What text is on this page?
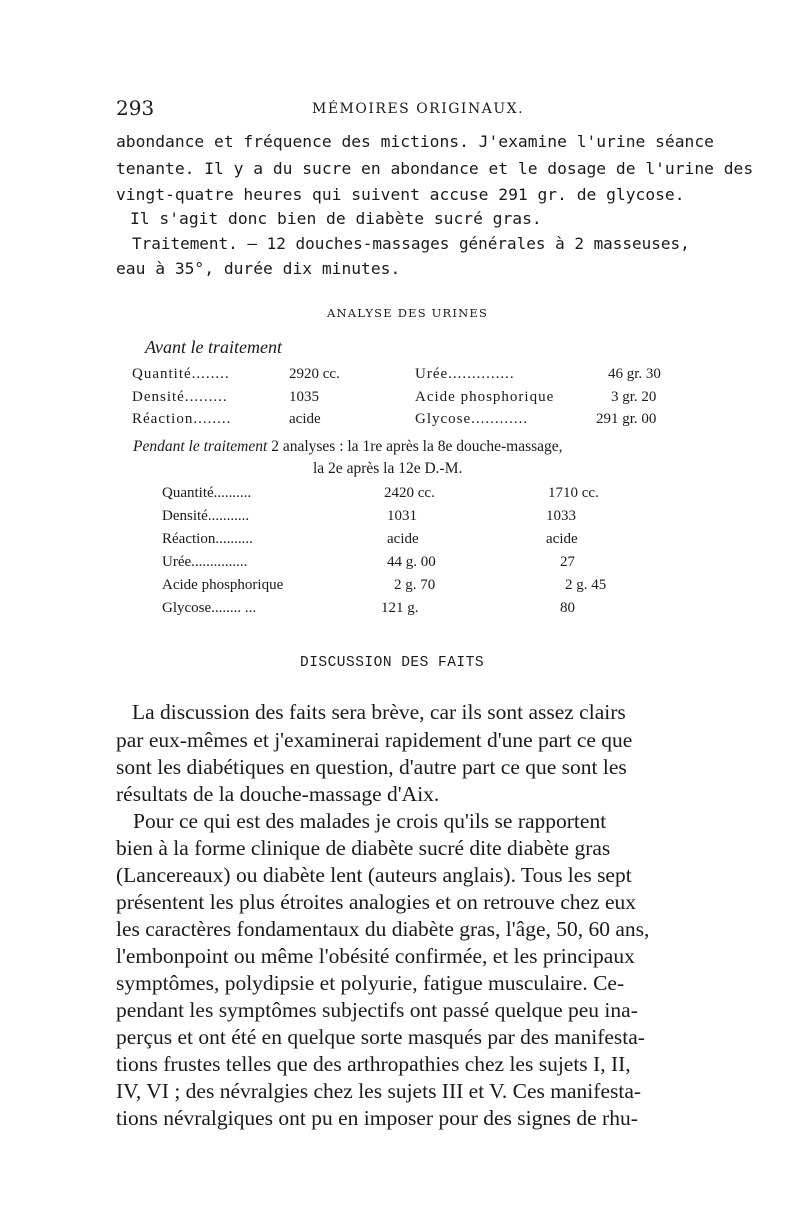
293	MÉMOIRES ORIGINAUX.
abondance et fréquence des mictions. J'examine l'urine séance
tenante. Il y a du sucre en abondance et le dosage de l'urine des
vingt-quatre heures qui suivent accuse 291 gr. de glycose.
Il s'agit donc bien de diabète sucré gras.
Traitement. — 12 douches-massages générales à 2 masseuses,
eau à 35°, durée dix minutes.
ANALYSE DES URINES
Avant le traitement
Quantité........	2920 cc.	Urée..............	46 gr. 30
Densité.........	1035	Acide phosphorique	3 gr. 20
Réaction........	acide	Glycose............	291 gr. 00
Pendant le traitement 2 analyses : la 1re après la 8e douche-massage,
la 2e après la 12e D.-M.
Quantité..........	2420 cc.	1710 cc.
Densité...........	1031	1033
Réaction..........	acide	acide
Urée...............	44 g. 00	27
Acide phosphorique	2 g. 70	2 g. 45
Glycose........ ...	121 g.	80
DISCUSSION DES FAITS
La discussion des faits sera brève, car ils sont assez clairs
par eux-mêmes et j'examinerai rapidement d'une part ce que
sont les diabétiques en question, d'autre part ce que sont les
résultats de la douche-massage d'Aix.
Pour ce qui est des malades je crois qu'ils se rapportent
bien à la forme clinique de diabète sucré dite diabète gras
(Lancereaux) ou diabète lent (auteurs anglais). Tous les sept
présentent les plus étroites analogies et on retrouve chez eux
les caractères fondamentaux du diabète gras, l'âge, 50, 60 ans,
l'embonpoint ou même l'obésité confirmée, et les principaux
symptômes, polydipsie et polyurie, fatigue musculaire. Ce-
pendant les symptômes subjectifs ont passé quelque peu ina-
perçus et ont été en quelque sorte masqués par des manifesta-
tions frustes telles que des arthropathies chez les sujets I, II,
IV, VI ; des névralgies chez les sujets III et V. Ces manifesta-
tions névralgiques ont pu en imposer pour des signes de rhu-
